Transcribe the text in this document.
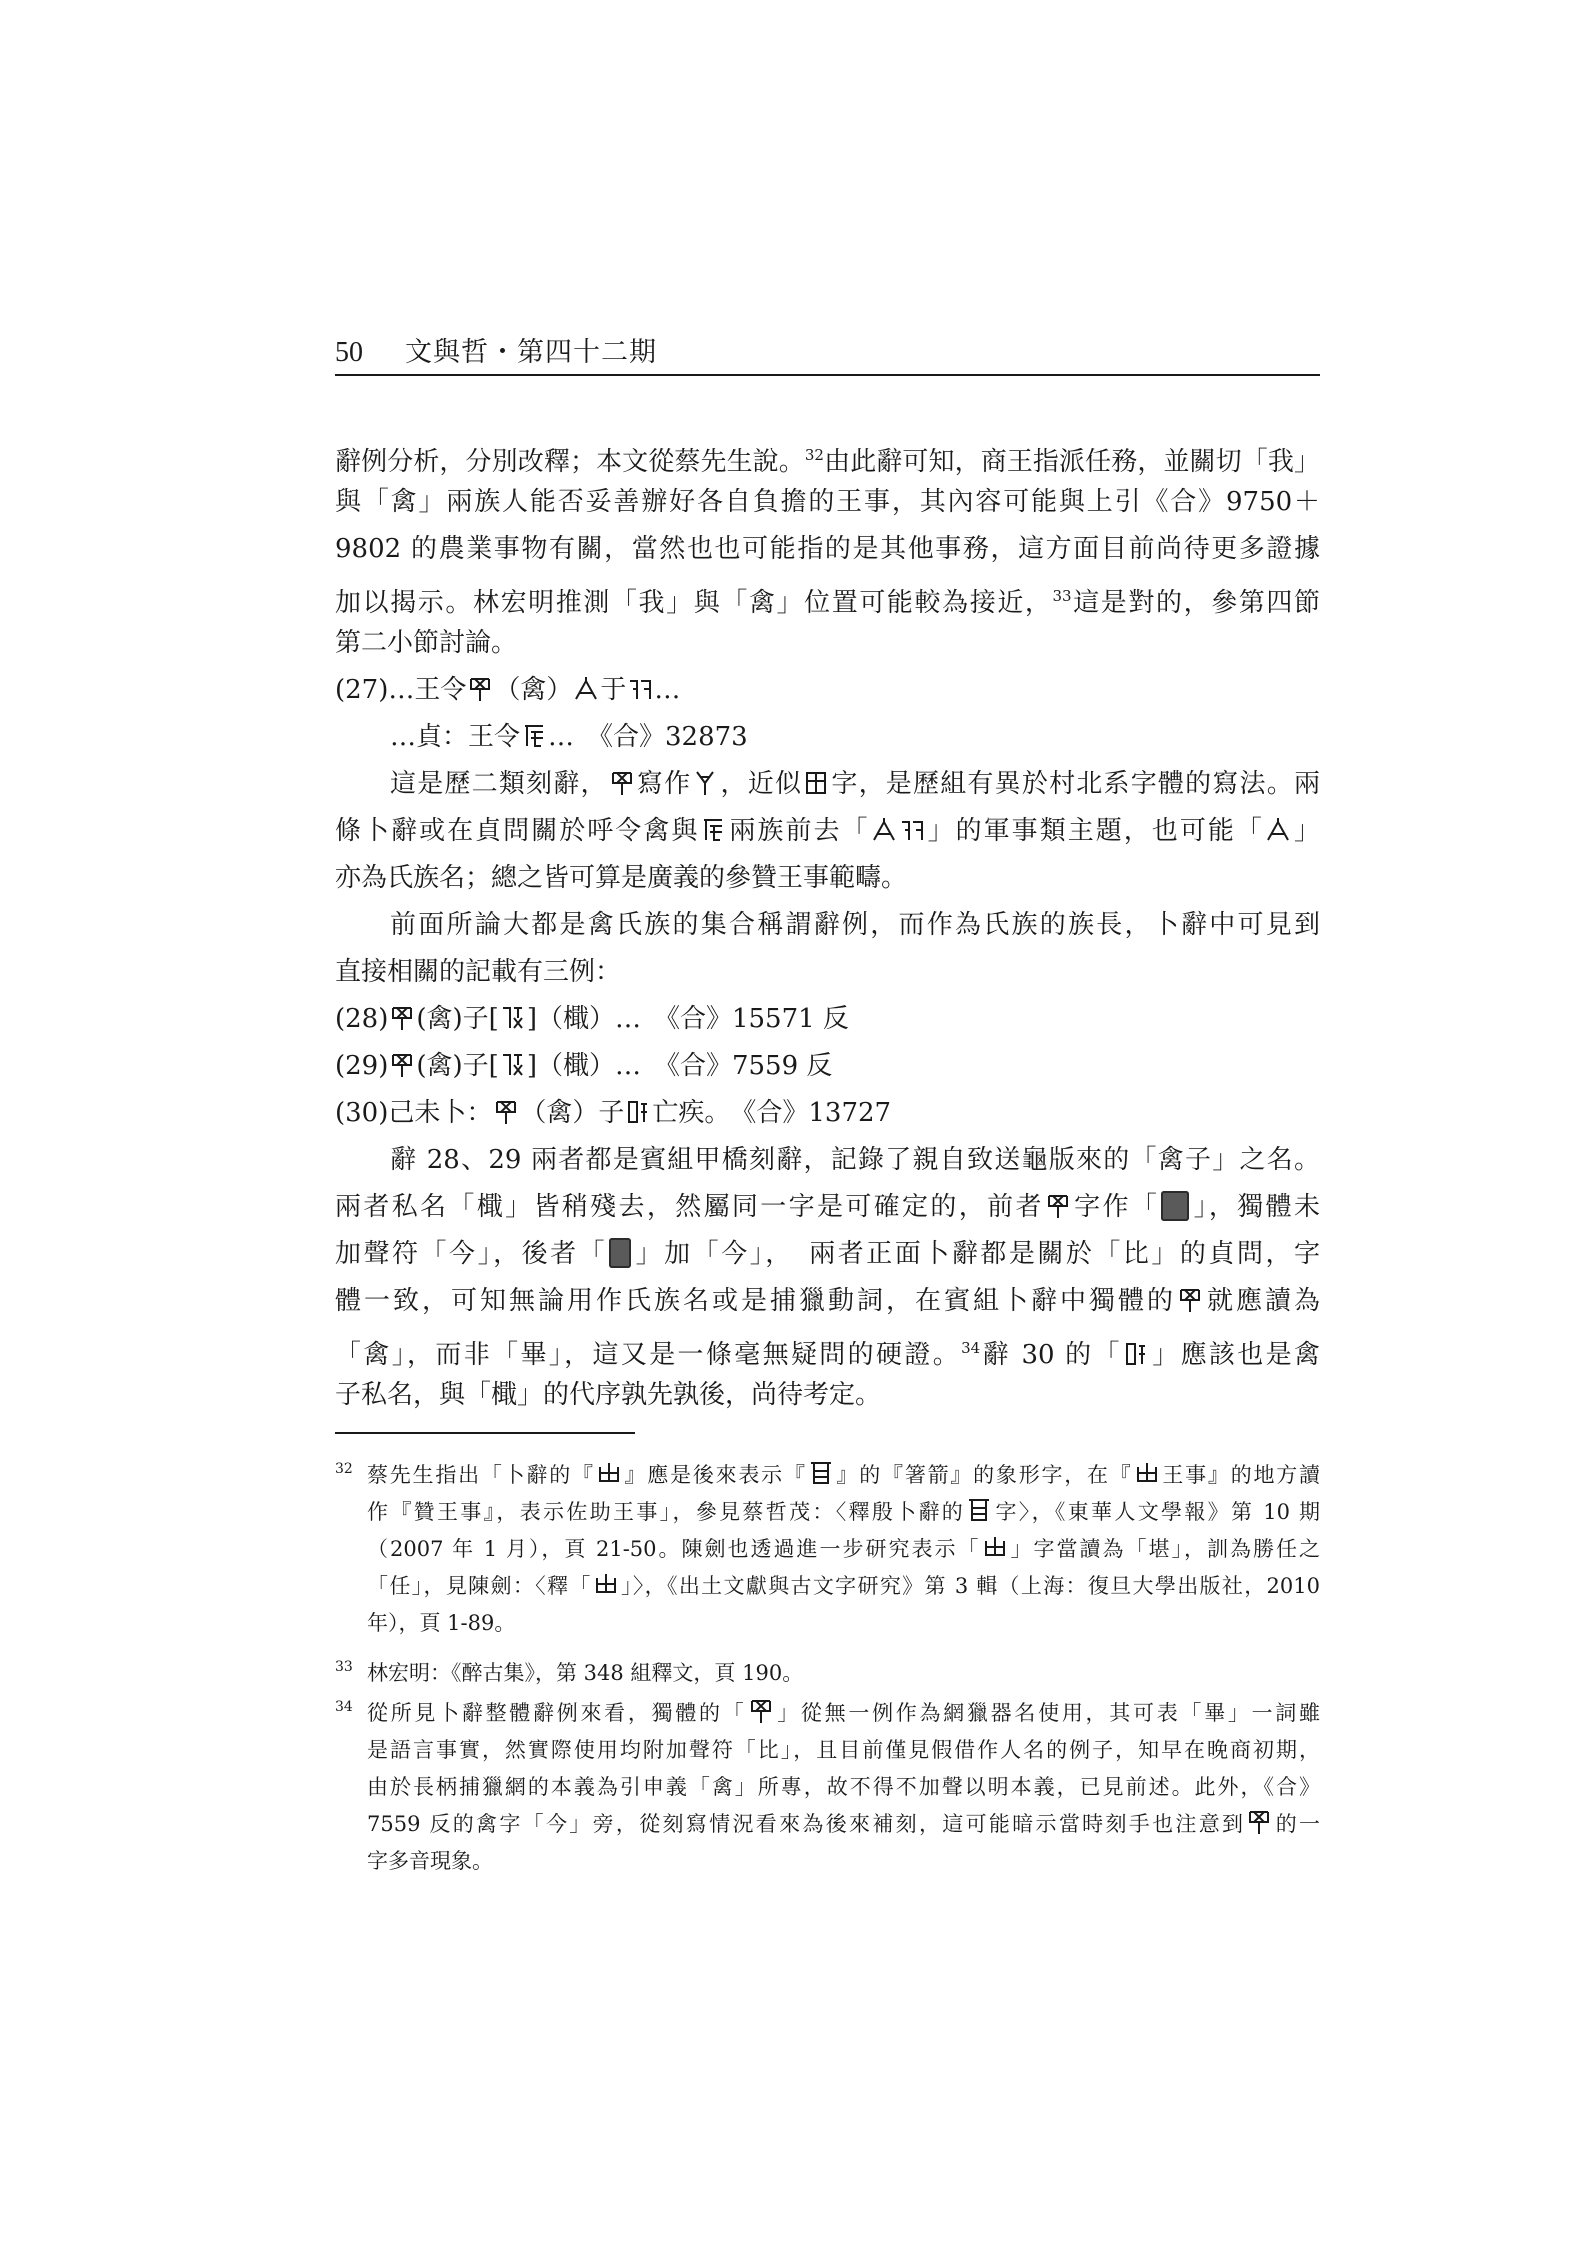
50 文與哲・第四十二期
辭例分析，分別改釋；本文從蔡先生說。$^{32}$由此辭可知，商王指派任務，並關切「我」
與「禽」兩族人能否妥善辦好各自負擔的王事，其內容可能與上引《合》9750＋
9802 的農業事物有關，當然也也可能指的是其他事務，這方面目前尚待更多證據
加以揭示。林宏明推測「我」與「禽」位置可能較為接近，$^{33}$這是對的，參第四節
第二小節討論。
(27)…王令 （禽） 于 …
…貞：王令 …　《合》32873
這是歷二類刻辭， 寫作 ，近似 字，是歷組有異於村北系字體的寫法。兩
條卜辭或在貞問關於呼令禽與 兩族前去「 」的軍事類主題，也可能「 」
亦為氏族名；總之皆可算是廣義的參贊王事範疇。
前面所論大都是禽氏族的集合稱謂辭例，而作為氏族的族長，卜辭中可見到
直接相關的記載有三例：
(28) (禽)子[ ]（檝）…　《合》15571 反
(29) (禽)子[ ]（檝）…　《合》7559 反
(30)己未卜： （禽）子 亡疾。　《合》13727
辭 28、29 兩者都是賓組甲橋刻辭，記錄了親自致送龜版來的「禽子」之名。
兩者私名「檝」皆稍殘去，然屬同一字是可確定的，前者 字作「 」，獨體未
加聲符「今」，後者「 」加「今」，　兩者正面卜辭都是關於「比」的貞問，字
體一致，可知無論用作氏族名或是捕獵動詞，在賓組卜辭中獨體的 就應讀為
「禽」，而非「畢」，這又是一條毫無疑問的硬證。$^{34}$辭 30 的「 」應該也是禽
子私名，與「檝」的代序孰先孰後，尚待考定。
32 蔡先生指出「卜辭的『 』應是後來表示『 』的『箸箭』的象形字，在『 王事』的地方讀
作『贊王事』，表示佐助王事」，參見蔡哲茂：〈釋殷卜辭的 字〉，《東華人文學報》第 10 期
（2007 年 1 月），頁 21-50。陳劍也透過進一步研究表示「 」字當讀為「堪」，訓為勝任之
「任」，見陳劍：〈釋「 」〉，《出土文獻與古文字研究》第 3 輯（上海：復旦大學出版社，2010
年），頁 1-89。
33 林宏明：《醉古集》，第 348 組釋文，頁 190。
34 從所見卜辭整體辭例來看，獨體的「 」從無一例作為網獵器名使用，其可表「畢」一詞雖
是語言事實，然實際使用均附加聲符「比」，且目前僅見假借作人名的例子，知早在晚商初期，
由於長柄捕獵網的本義為引申義「禽」所專，故不得不加聲以明本義，已見前述。此外，《合》
7559 反的禽字「今」旁，從刻寫情況看來為後來補刻，這可能暗示當時刻手也注意到 的一
字多音現象。
